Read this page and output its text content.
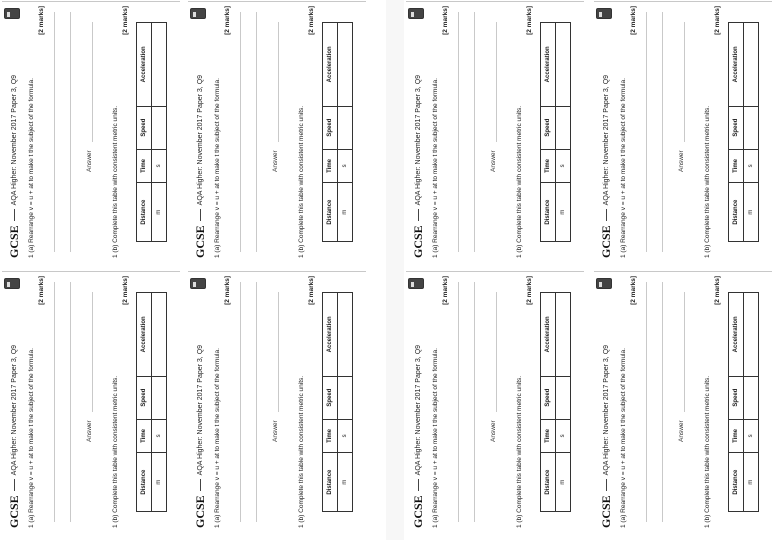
GCSE
AQA Higher: November 2017 Paper 3, Q9 1 (a) Rearrange v = u + at to make t the subject of the formula.
[2 marks]
Answer	1 (b) Complete this table with consistent metric units.
[2 marks]
Distance	Time	Speed	Acceleration
m	s		
GCSE
AQA Higher: November 2017 Paper 3, Q9 1 (a) Rearrange v = u + at to make t the subject of the formula.
[2 marks]
Answer	1 (b) Complete this table with consistent metric units.
[2 marks]
Distance	Time	Speed	Acceleration
m	s		
GCSE
AQA Higher: November 2017 Paper 3, Q9 1 (a) Rearrange v = u + at to make t the subject of the formula.
[2 marks]
Answer	1 (b) Complete this table with consistent metric units.
[2 marks]
Distance	Time	Speed	Acceleration
m	s		
GCSE
AQA Higher: November 2017 Paper 3, Q9 1 (a) Rearrange v = u + at to make t the subject of the formula.
[2 marks]
Answer	1 (b) Complete this table with consistent metric units.
[2 marks]
Distance	Time	Speed	Acceleration
m	s		
GCSE
AQA Higher: November 2017 Paper 3, Q9 1 (a) Rearrange v = u + at to make t the subject of the formula.
[2 marks]
Answer	1 (b) Complete this table with consistent metric units.
[2 marks]
Distance	Time	Speed	Acceleration
m	s		
GCSE
AQA Higher: November 2017 Paper 3, Q9 1 (a) Rearrange v = u + at to make t the subject of the formula.
[2 marks]
Answer	1 (b) Complete this table with consistent metric units.
[2 marks]
Distance	Time	Speed	Acceleration
m	s		
GCSE
AQA Higher: November 2017 Paper 3, Q9 1 (a) Rearrange v = u + at to make t the subject of the formula.
[2 marks]
Answer	1 (b) Complete this table with consistent metric units.
[2 marks]
Distance	Time	Speed	Acceleration
m	s		
GCSE
AQA Higher: November 2017 Paper 3, Q9 1 (a) Rearrange v = u + at to make t the subject of the formula.
[2 marks]
Answer	1 (b) Complete this table with consistent metric units.
[2 marks]
Distance	Time	Speed	Acceleration
m	s		
